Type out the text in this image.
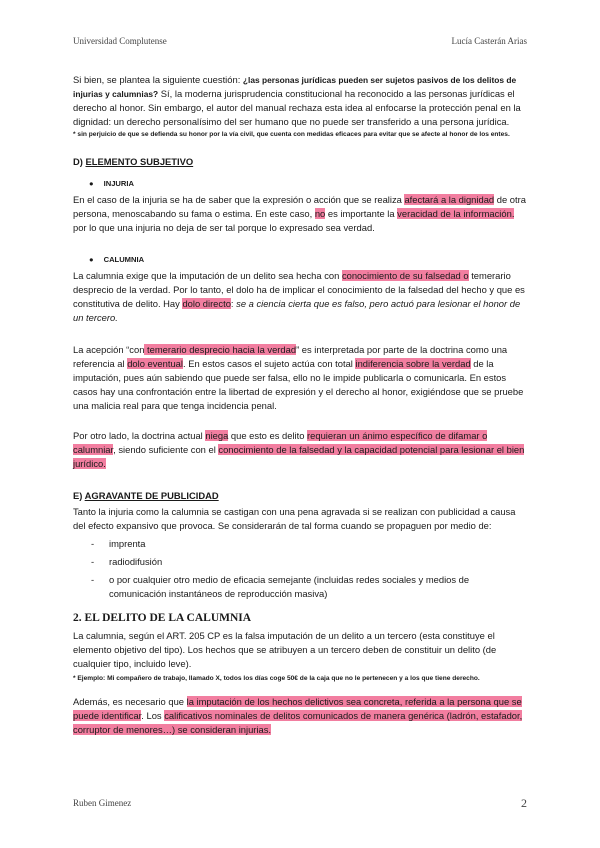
Universidad Complutense	Lucía Casterán Arias

Si bien, se plantea la siguiente cuestión: ¿las personas jurídicas pueden ser sujetos pasivos de los delitos de injurias y calumnias? Sí, la moderna jurisprudencia constitucional ha reconocido a las personas jurídicas el derecho al honor. Sin embargo, el autor del manual rechaza esta idea al enfocarse la protección penal en la dignidad: un derecho personalísimo del ser humano que no puede ser transferido a una persona jurídica.

* sin perjuicio de que se defienda su honor por la vía civil, que cuenta con medidas eficaces para evitar que se afecte al honor de los entes.

D) ELEMENTO SUBJETIVO

● INJURIA

En el caso de la injuria se ha de saber que la expresión o acción que se realiza afectará a la dignidad de otra persona, menoscabando su fama o estima. En este caso, no es importante la veracidad de la información. por lo que una injuria no deja de ser tal porque lo expresado sea verdad.

● CALUMNIA

La calumnia exige que la imputación de un delito sea hecha con conocimiento de su falsedad o temerario desprecio de la verdad. Por lo tanto, el dolo ha de implicar el conocimiento de la falsedad del hecho y que es constitutiva de delito. Hay dolo directo: se a ciencia cierta que es falso, pero actuó para lesionar el honor de un tercero.

La acepción “con temerario desprecio hacia la verdad” es interpretada por parte de la doctrina como una referencia al dolo eventual. En estos casos el sujeto actúa con total indiferencia sobre la verdad de la imputación, pues aún sabiendo que puede ser falsa, ello no le impide publicarla o comunicarla. En estos casos hay una confrontación entre la libertad de expresión y el derecho al honor, exigiéndose que se pruebe una malicia real para que tenga incidencia penal.

Por otro lado, la doctrina actual niega que esto es delito requieran un ánimo específico de difamar o calumniar, siendo suficiente con el conocimiento de la falsedad y la capacidad potencial para lesionar el bien jurídico.

E) AGRAVANTE DE PUBLICIDAD

Tanto la injuria como la calumnia se castigan con una pena agravada si se realizan con publicidad a causa del efecto expansivo que provoca. Se considerarán de tal forma cuando se propaguen por medio de:

- imprenta
- radiodifusión
- o por cualquier otro medio de eficacia semejante (incluidas redes sociales y medios de comunicación instantáneos de reproducción masiva)

2. EL DELITO DE LA CALUMNIA

La calumnia, según el ART. 205 CP es la falsa imputación de un delito a un tercero (esta constituye el elemento objetivo del tipo). Los hechos que se atribuyen a un tercero deben de constituir un delito (de cualquier tipo, incluido leve).

* Ejemplo: Mi compañero de trabajo, llamado X, todos los días coge 50€ de la caja que no le pertenecen y a los que tiene derecho.

Además, es necesario que la imputación de los hechos delictivos sea concreta, referida a la persona que se puede identificar. Los calificativos nominales de delitos comunicados de manera genérica (ladrón, estafador, corruptor de menores…) se consideran injurias.

Ruben Gimenez	2
